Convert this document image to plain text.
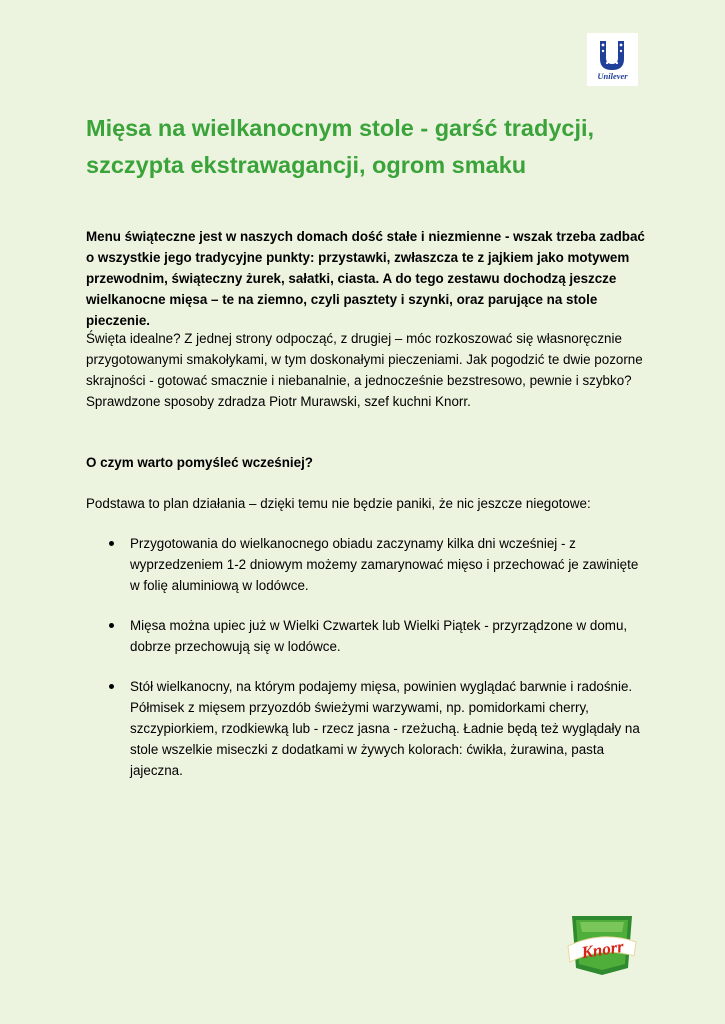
Unilever
Mięsa na wielkanocnym stole - garść tradycji, szczypta ekstrawagancji, ogrom smaku

Menu świąteczne jest w naszych domach dość stałe i niezmienne - wszak trzeba zadbać o wszystkie jego tradycyjne punkty: przystawki, zwłaszcza te z jajkiem jako motywem przewodnim, świąteczny żurek, sałatki, ciasta. A do tego zestawu dochodzą jeszcze wielkanocne mięsa – te na ziemno, czyli pasztety i szynki, oraz parujące na stole pieczenie.

Święta idealne? Z jednej strony odpocząć, z drugiej – móc rozkoszować się własnoręcznie przygotowanymi smakołykami, w tym doskonałymi pieczeniami. Jak pogodzić te dwie pozorne skrajności - gotować smacznie i niebanalnie, a jednocześnie bezstresowo, pewnie i szybko? Sprawdzone sposoby zdradza Piotr Murawski, szef kuchni Knorr.

O czym warto pomyśleć wcześniej?

Podstawa to plan działania – dzięki temu nie będzie paniki, że nic jeszcze niegotowe:

Przygotowania do wielkanocnego obiadu zaczynamy kilka dni wcześniej - z wyprzedzeniem 1-2 dniowym możemy zamarynować mięso i przechować je zawinięte w folię aluminiową w lodówce.
Mięsa można upiec już w Wielki Czwartek lub Wielki Piątek - przyrządzone w domu, dobrze przechowują się w lodówce.
Stół wielkanocny, na którym podajemy mięsa, powinien wyglądać barwnie i radośnie. Półmisek z mięsem przyozdób świeżymi warzywami, np. pomidorkami cherry, szczypiorkiem, rzodkiewką lub - rzecz jasna - rzeżuchą. Ładnie będą też wyglądały na stole wszelkie miseczki z dodatkami w żywych kolorach: ćwikła, żurawina, pasta jajeczna.
Knorr
